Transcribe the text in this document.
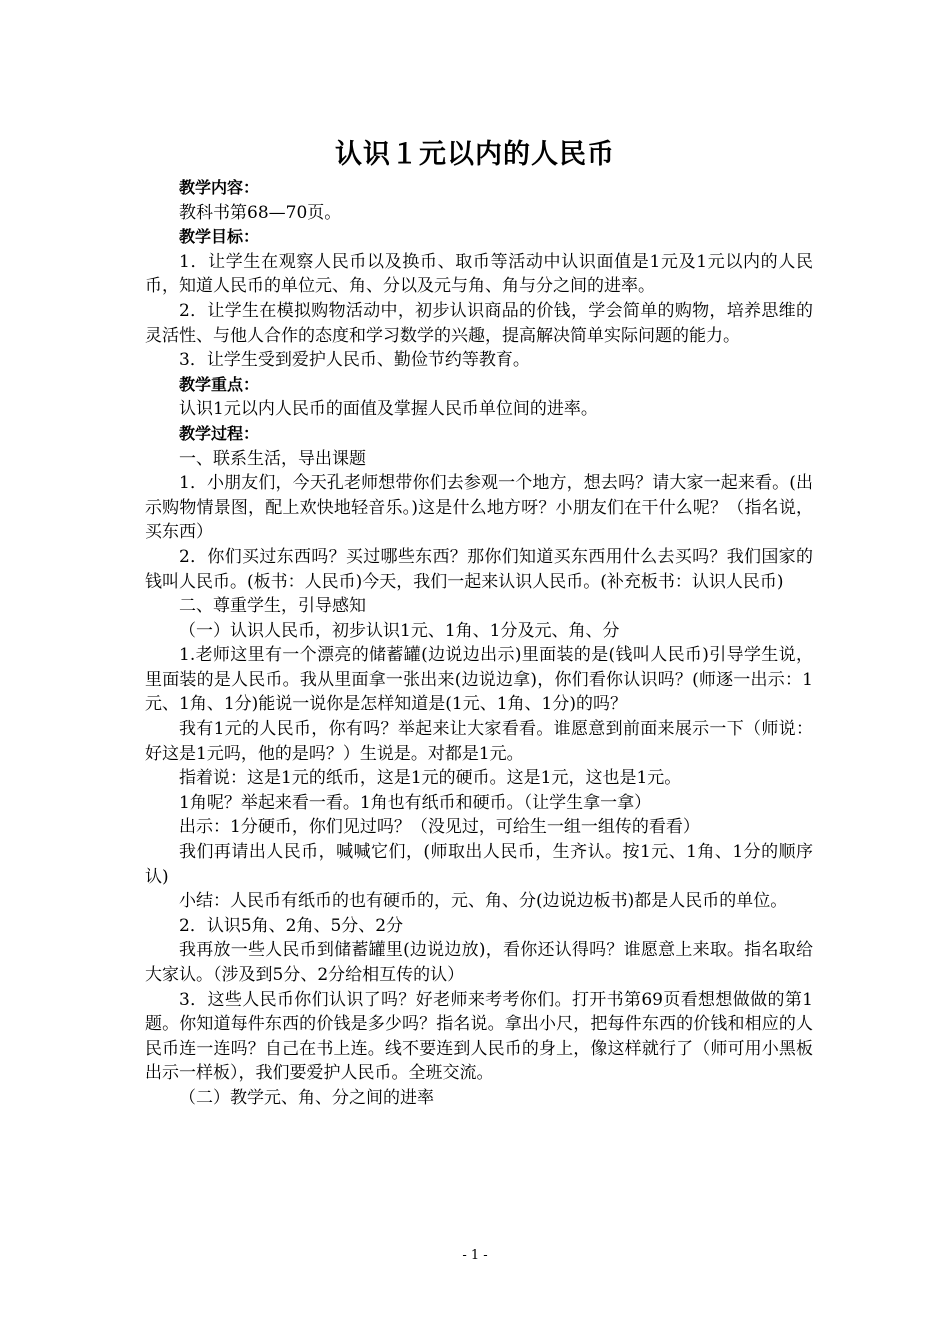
认识１元以内的人民币

教学内容：

教科书第68—70页。

教学目标：

1．让学生在观察人民币以及换币、取币等活动中认识面值是1元及1元以内的人民币，知道人民币的单位元、角、分以及元与角、角与分之间的进率。

2．让学生在模拟购物活动中，初步认识商品的价钱，学会简单的购物，培养思维的灵活性、与他人合作的态度和学习数学的兴趣，提高解决简单实际问题的能力。

3．让学生受到爱护人民币、勤俭节约等教育。

教学重点：

认识1元以内人民币的面值及掌握人民币单位间的进率。

教学过程：

一、联系生活，导出课题

1．小朋友们，今天孔老师想带你们去参观一个地方，想去吗？请大家一起来看。(出示购物情景图，配上欢快地轻音乐。)这是什么地方呀？小朋友们在干什么呢？（指名说，买东西）

2．你们买过东西吗？买过哪些东西？那你们知道买东西用什么去买吗？我们国家的钱叫人民币。(板书：人民币)今天，我们一起来认识人民币。(补充板书：认识人民币)

二、尊重学生，引导感知

（一）认识人民币，初步认识1元、1角、1分及元、角、分

1.老师这里有一个漂亮的储蓄罐(边说边出示)里面装的是(钱叫人民币)引导学生说，里面装的是人民币。我从里面拿一张出来(边说边拿)，你们看你认识吗？(师逐一出示：1元、1角、1分)能说一说你是怎样知道是(1元、1角、1分)的吗？

我有1元的人民币，你有吗？举起来让大家看看。谁愿意到前面来展示一下（师说：好这是1元吗，他的是吗？）生说是。对都是1元。

指着说：这是1元的纸币，这是1元的硬币。这是1元，这也是1元。

1角呢？举起来看一看。1角也有纸币和硬币。（让学生拿一拿）

出示：1分硬币，你们见过吗？（没见过，可给生一组一组传的看看）

我们再请出人民币，喊喊它们，(师取出人民币，生齐认。按1元、1角、1分的顺序认)

小结：人民币有纸币的也有硬币的，元、角、分(边说边板书)都是人民币的单位。

2．认识5角、2角、5分、2分

我再放一些人民币到储蓄罐里(边说边放)，看你还认得吗？谁愿意上来取。指名取给大家认。（涉及到5分、2分给相互传的认）

3．这些人民币你们认识了吗？好老师来考考你们。打开书第69页看想想做做的第1题。你知道每件东西的价钱是多少吗？指名说。拿出小尺，把每件东西的价钱和相应的人民币连一连吗？自己在书上连。线不要连到人民币的身上，像这样就行了（师可用小黑板出示一样板），我们要爱护人民币。全班交流。

（二）教学元、角、分之间的进率

- 1 -
